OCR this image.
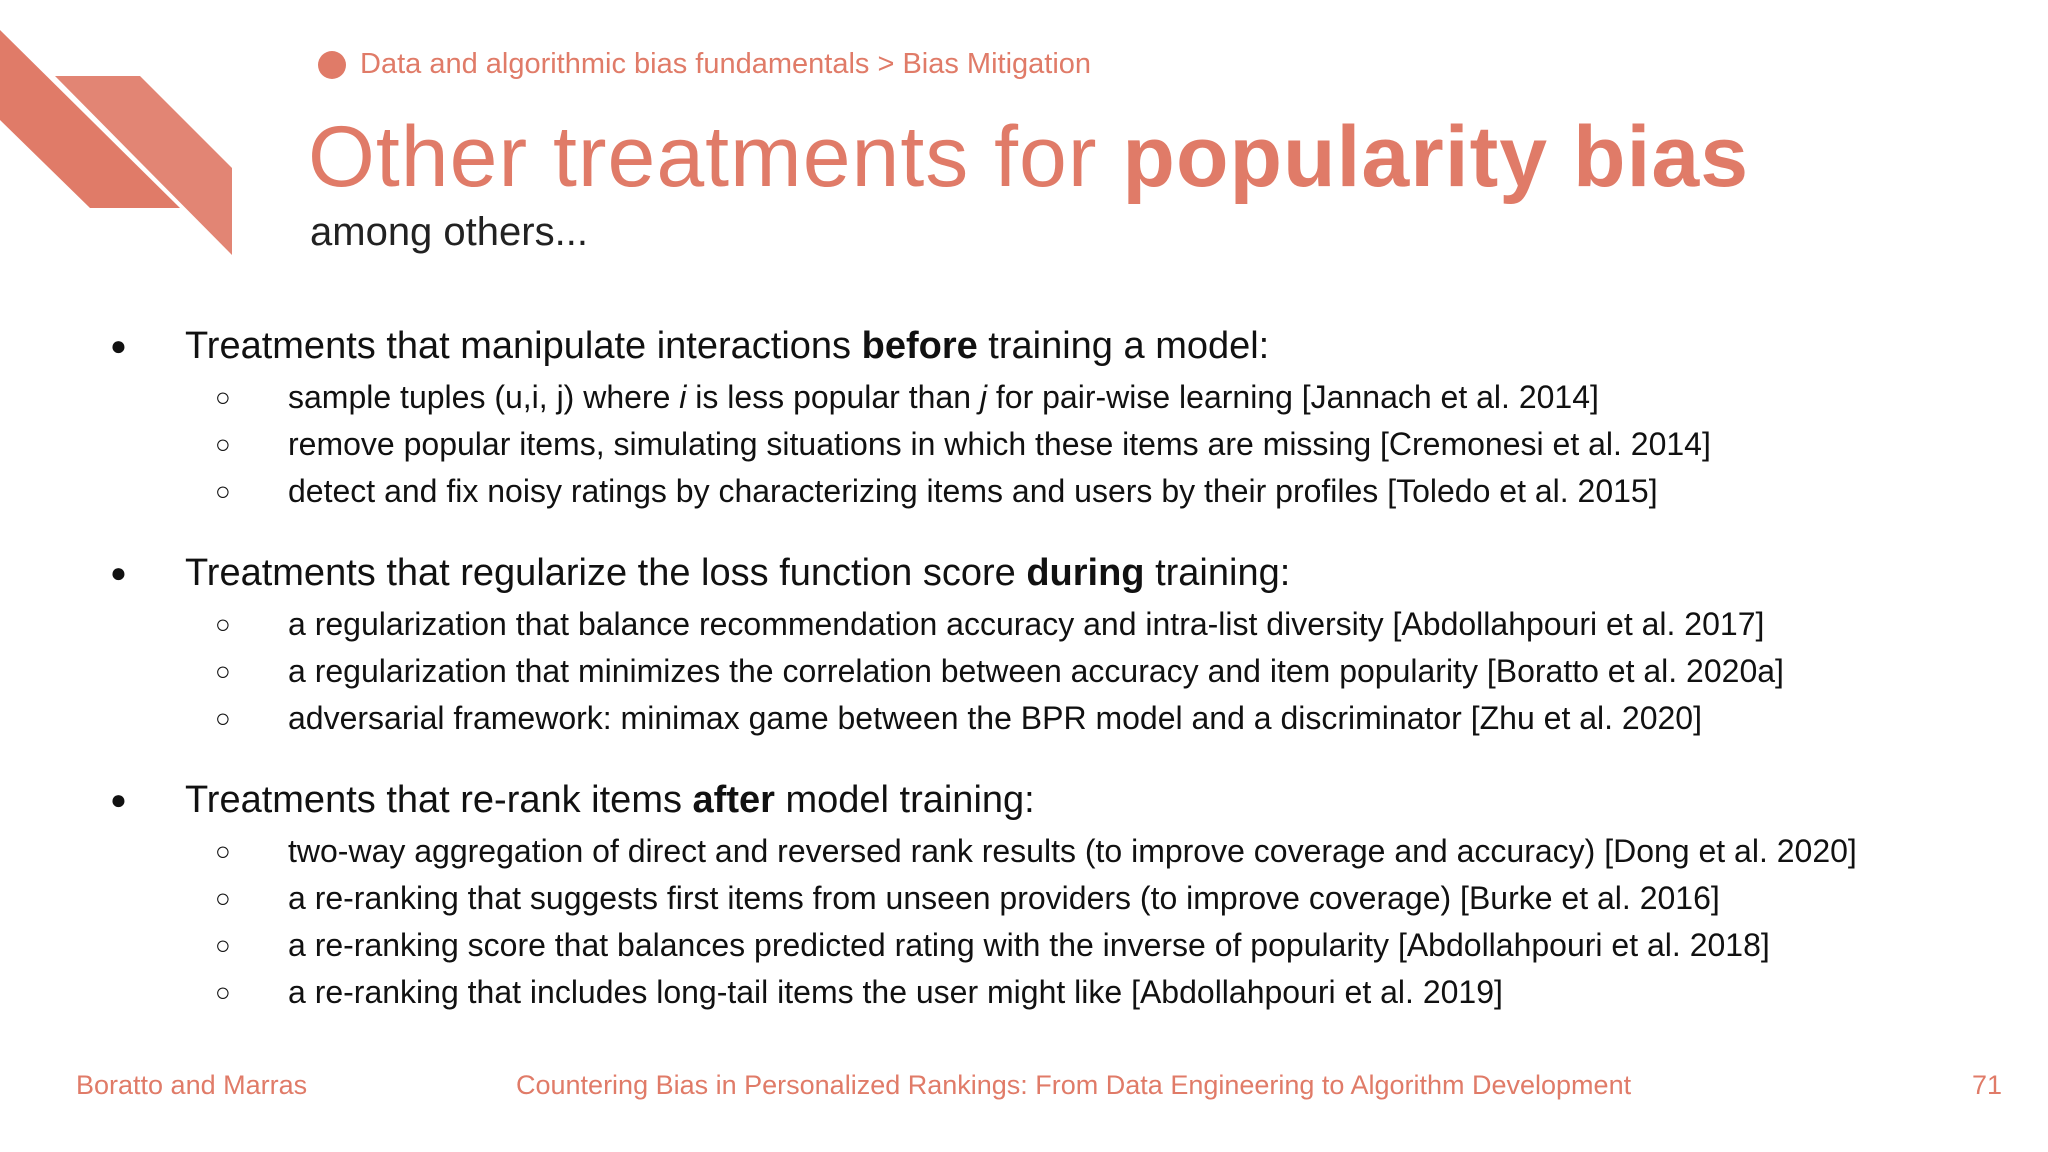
Data and algorithmic bias fundamentals > Bias Mitigation
Other treatments for popularity bias
among others...
● Treatments that manipulate interactions before training a model:
○ sample tuples (u,i, j) where i is less popular than j for pair-wise learning [Jannach et al. 2014]
○ remove popular items, simulating situations in which these items are missing [Cremonesi et al. 2014]
○ detect and fix noisy ratings by characterizing items and users by their profiles [Toledo et al. 2015]
● Treatments that regularize the loss function score during training:
○ a regularization that balance recommendation accuracy and intra-list diversity [Abdollahpouri et al. 2017]
○ a regularization that minimizes the correlation between accuracy and item popularity [Boratto et al. 2020a]
○ adversarial framework: minimax game between the BPR model and a discriminator [Zhu et al. 2020]
● Treatments that re-rank items after model training:
○ two-way aggregation of direct and reversed rank results (to improve coverage and accuracy) [Dong et al. 2020]
○ a re-ranking that suggests first items from unseen providers (to improve coverage) [Burke et al. 2016]
○ a re-ranking score that balances predicted rating with the inverse of popularity [Abdollahpouri et al. 2018]
○ a re-ranking that includes long-tail items the user might like [Abdollahpouri et al. 2019]
Boratto and Marras	Countering Bias in Personalized Rankings: From Data Engineering to Algorithm Development	71
